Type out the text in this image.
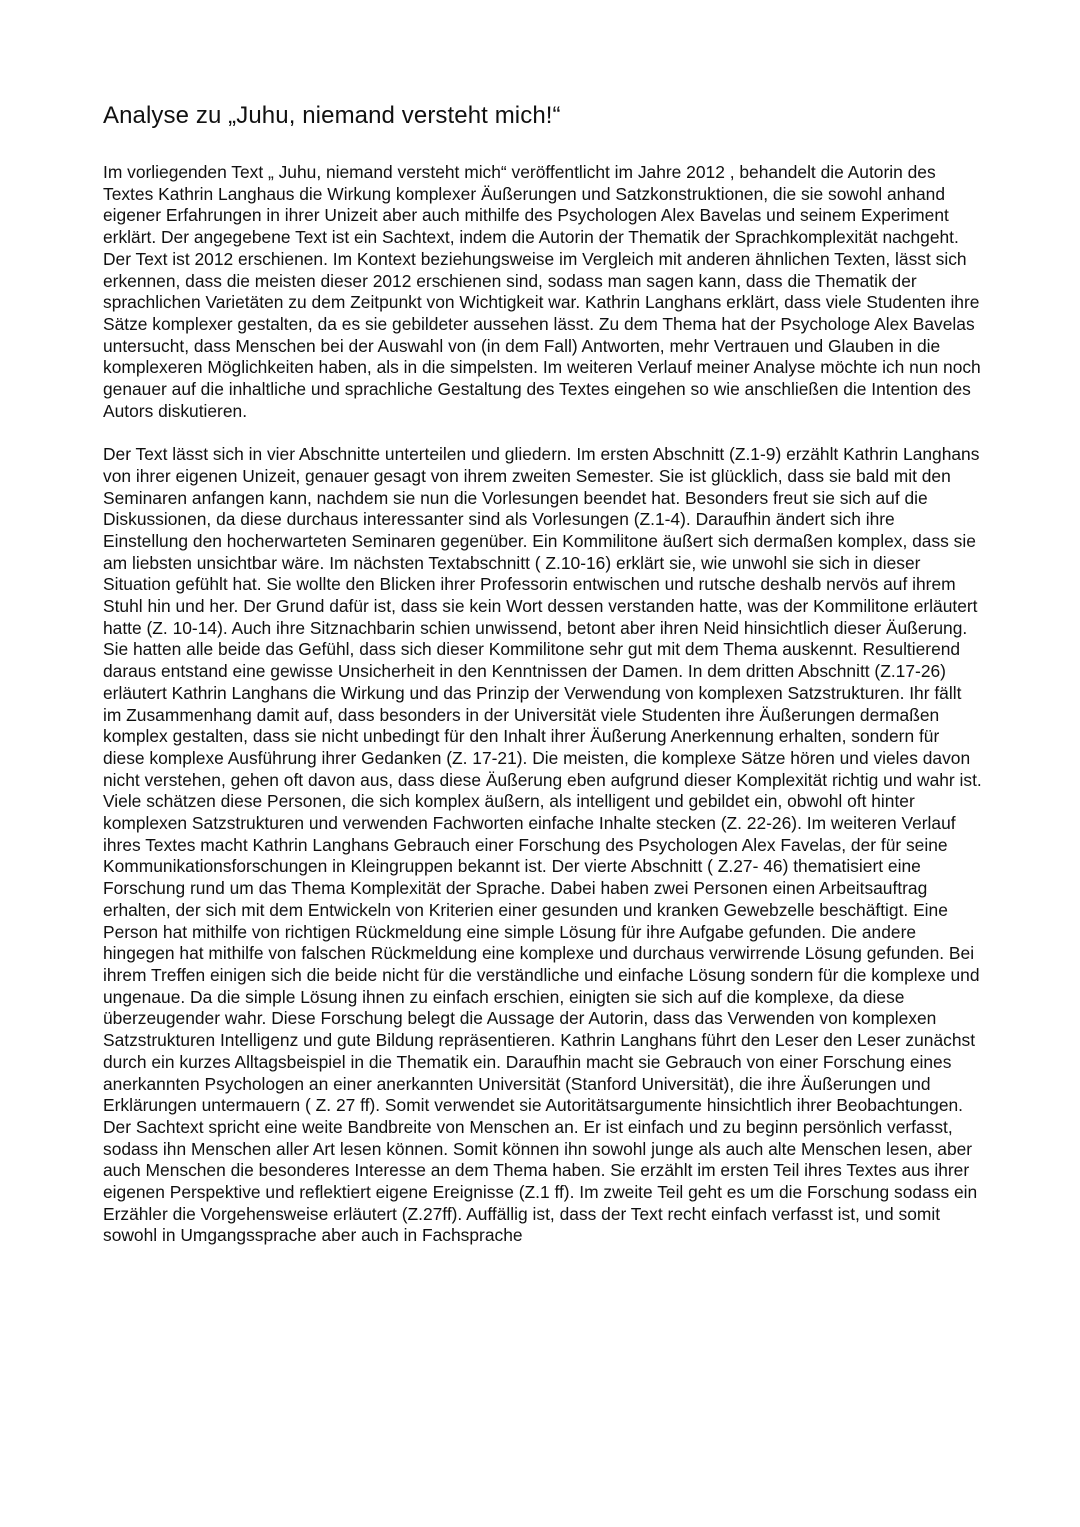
Analyse zu „Juhu, niemand versteht mich!“

Im vorliegenden Text „ Juhu, niemand versteht mich“ veröffentlicht im Jahre 2012 , behandelt die Autorin des Textes Kathrin Langhaus die Wirkung komplexer Äußerungen und Satzkonstruktionen, die sie sowohl anhand eigener Erfahrungen in ihrer Unizeit aber auch mithilfe des Psychologen Alex Bavelas und seinem Experiment erklärt. Der angegebene Text ist ein Sachtext, indem die Autorin der Thematik der Sprachkomplexität nachgeht. Der Text ist 2012 erschienen. Im Kontext beziehungsweise im Vergleich mit anderen ähnlichen Texten, lässt sich erkennen, dass die meisten dieser 2012 erschienen sind, sodass man sagen kann, dass die Thematik der sprachlichen Varietäten zu dem Zeitpunkt von Wichtigkeit war. Kathrin Langhans erklärt, dass viele Studenten ihre Sätze komplexer gestalten, da es sie gebildeter aussehen lässt. Zu dem Thema hat der Psychologe Alex Bavelas untersucht, dass Menschen bei der Auswahl von (in dem Fall) Antworten, mehr Vertrauen und Glauben in die komplexeren Möglichkeiten haben, als in die simpelsten. Im weiteren Verlauf meiner Analyse möchte ich nun noch genauer auf die inhaltliche und sprachliche Gestaltung des Textes eingehen so wie anschließen die Intention des Autors diskutieren.

Der Text lässt sich in vier Abschnitte unterteilen und gliedern. Im ersten Abschnitt (Z.1-9) erzählt Kathrin Langhans von ihrer eigenen Unizeit, genauer gesagt von ihrem zweiten Semester. Sie ist glücklich, dass sie bald mit den Seminaren anfangen kann, nachdem sie nun die Vorlesungen beendet hat. Besonders freut sie sich auf die Diskussionen, da diese durchaus interessanter sind als Vorlesungen (Z.1-4). Daraufhin ändert sich ihre Einstellung den hocherwarteten Seminaren gegenüber. Ein Kommilitone äußert sich dermaßen komplex, dass sie am liebsten unsichtbar wäre. Im nächsten Textabschnitt ( Z.10-16) erklärt sie, wie unwohl sie sich in dieser Situation gefühlt hat. Sie wollte den Blicken ihrer Professorin entwischen und rutsche deshalb nervös auf ihrem Stuhl hin und her. Der Grund dafür ist, dass sie kein Wort dessen verstanden hatte, was der Kommilitone erläutert hatte (Z. 10-14). Auch ihre Sitznachbarin schien unwissend, betont aber ihren Neid hinsichtlich dieser Äußerung. Sie hatten alle beide das Gefühl, dass sich dieser Kommilitone sehr gut mit dem Thema auskennt. Resultierend daraus entstand eine gewisse Unsicherheit in den Kenntnissen der Damen. In dem dritten Abschnitt (Z.17-26) erläutert Kathrin Langhans die Wirkung und das Prinzip der Verwendung von komplexen Satzstrukturen. Ihr fällt im Zusammenhang damit auf, dass besonders in der Universität viele Studenten ihre Äußerungen dermaßen komplex gestalten, dass sie nicht unbedingt für den Inhalt ihrer Äußerung Anerkennung erhalten, sondern für diese komplexe Ausführung ihrer Gedanken (Z. 17-21). Die meisten, die komplexe Sätze hören und vieles davon nicht verstehen, gehen oft davon aus, dass diese Äußerung eben aufgrund dieser Komplexität richtig und wahr ist. Viele schätzen diese Personen, die sich komplex äußern, als intelligent und gebildet ein, obwohl oft hinter komplexen Satzstrukturen und verwenden Fachworten einfache Inhalte stecken (Z. 22-26). Im weiteren Verlauf ihres Textes macht Kathrin Langhans Gebrauch einer Forschung des Psychologen Alex Favelas, der für seine Kommunikationsforschungen in Kleingruppen bekannt ist. Der vierte Abschnitt ( Z.27- 46) thematisiert eine Forschung rund um das Thema Komplexität der Sprache. Dabei haben zwei Personen einen Arbeitsauftrag erhalten, der sich mit dem Entwickeln von Kriterien einer gesunden und kranken Gewebzelle beschäftigt. Eine Person hat mithilfe von richtigen Rückmeldung eine simple Lösung für ihre Aufgabe gefunden. Die andere hingegen hat mithilfe von falschen Rückmeldung eine komplexe und durchaus verwirrende Lösung gefunden. Bei ihrem Treffen einigen sich die beide nicht für die verständliche und einfache Lösung sondern für die komplexe und ungenaue. Da die simple Lösung ihnen zu einfach erschien, einigten sie sich auf die komplexe, da diese überzeugender wahr. Diese Forschung belegt die Aussage der Autorin, dass das Verwenden von komplexen Satzstrukturen Intelligenz und gute Bildung repräsentieren. Kathrin Langhans führt den Leser den Leser zunächst durch ein kurzes Alltagsbeispiel in die Thematik ein. Daraufhin macht sie Gebrauch von einer Forschung eines anerkannten Psychologen an einer anerkannten Universität (Stanford Universität), die ihre Äußerungen und Erklärungen untermauern ( Z. 27 ff). Somit verwendet sie Autoritätsargumente hinsichtlich ihrer Beobachtungen. Der Sachtext spricht eine weite Bandbreite von Menschen an. Er ist einfach und zu beginn persönlich verfasst, sodass ihn Menschen aller Art lesen können. Somit können ihn sowohl junge als auch alte Menschen lesen, aber auch Menschen die besonderes Interesse an dem Thema haben. Sie erzählt im ersten Teil ihres Textes aus ihrer eigenen Perspektive und reflektiert eigene Ereignisse (Z.1 ff). Im zweite Teil geht es um die Forschung sodass ein Erzähler die Vorgehensweise erläutert (Z.27ff). Auffällig ist, dass der Text recht einfach verfasst ist, und somit sowohl in Umgangssprache aber auch in Fachsprache
